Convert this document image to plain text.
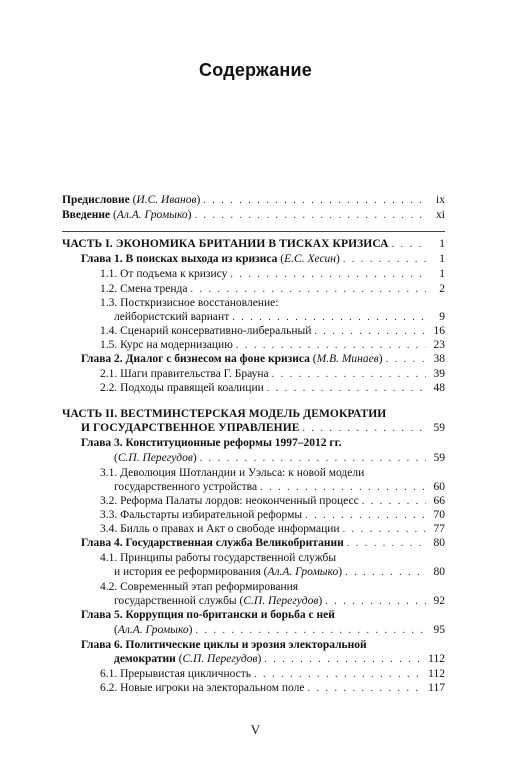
Содержание
Предисловие (И.С. Иванов) . . .	ix
Введение (Ал.А. Громыко) . . .	xi
ЧАСТЬ I. ЭКОНОМИКА БРИТАНИИ В ТИСКАХ КРИЗИСА . . .	1
Глава 1. В поисках выхода из кризиса (Е.С. Хесин) . . .	1
1.1. От подъема к кризису . . .	1
1.2. Смена тренда . . .	2
1.3. Посткризисное восстановление:
лейбористский вариант . . .	9
1.4. Сценарий консервативно-либеральный . . .	16
1.5. Курс на модернизацию . . .	23
Глава 2. Диалог с бизнесом на фоне кризиса (М.В. Минаев) . . .	38
2.1. Шаги правительства Г. Брауна . . .	39
2.2. Подходы правящей коалиции . . .	48
ЧАСТЬ II. ВЕСТМИНСТЕРСКАЯ МОДЕЛЬ ДЕМОКРАТИИ
И ГОСУДАРСТВЕННОЕ УПРАВЛЕНИЕ . . .	59
Глава 3. Конституционные реформы 1997–2012 гг.
(С.П. Перегудов) . . .	59
3.1. Деволюция Шотландии и Уэльса: к новой модели
государственного устройства . . .	60
3.2. Реформа Палаты лордов: неоконченный процесс . . .	66
3.3. Фальстарты избирательной реформы . . .	70
3.4. Билль о правах и Акт о свободе информации . . .	77
Глава 4. Государственная служба Великобритании . . .	80
4.1. Принципы работы государственной службы
и история ее реформирования (Ал.А. Громыко) . . .	80
4.2. Современный этап реформирования
государственной службы (С.П. Перегудов) . . .	92
Глава 5. Коррупция по-британски и борьба с ней
(Ал.А. Громыко) . . .	95
Глава 6. Политические циклы и эрозия электоральной
демократии (С.П. Перегудов) . . .	112
6.1. Прерывистая цикличность . . .	112
6.2. Новые игроки на электоральном поле . . .	117
V
